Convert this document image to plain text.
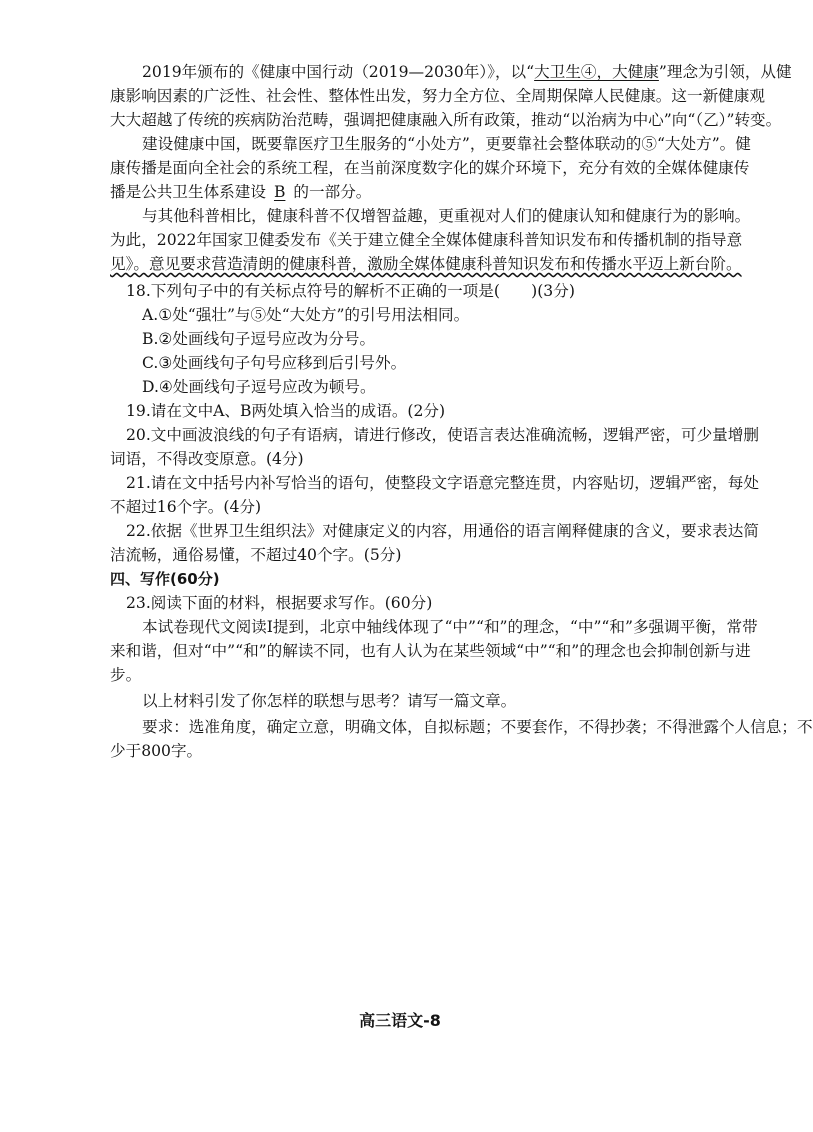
2019年颁布的《健康中国行动（2019—2030年）》，以“大卫生④，大健康”理念为引领，从健
康影响因素的广泛性、社会性、整体性出发，努力全方位、全周期保障人民健康。这一新健康观
大大超越了传统的疾病防治范畴，强调把健康融入所有政策，推动“以治病为中心”向“（乙）”转变。
建设健康中国，既要靠医疗卫生服务的“小处方”，更要靠社会整体联动的⑤“大处方”。健
康传播是面向全社会的系统工程，在当前深度数字化的媒介环境下，充分有效的全媒体健康传
播是公共卫生体系建设 B 的一部分。
与其他科普相比，健康科普不仅增智益趣，更重视对人们的健康认知和健康行为的影响。
为此，2022年国家卫健委发布《关于建立健全全媒体健康科普知识发布和传播机制的指导意
见》。意见要求营造清朗的健康科普，激励全媒体健康科普知识发布和传播水平迈上新台阶。
18.下列句子中的有关标点符号的解析不正确的一项是(　　)(3分)
A.①处“强壮”与⑤处“大处方”的引号用法相同。
B.②处画线句子逗号应改为分号。
C.③处画线句子句号应移到后引号外。
D.④处画线句子逗号应改为顿号。
19.请在文中A、B两处填入恰当的成语。(2分)
20.文中画波浪线的句子有语病，请进行修改，使语言表达准确流畅，逻辑严密，可少量增删
词语，不得改变原意。(4分)
21.请在文中括号内补写恰当的语句，使整段文字语意完整连贯，内容贴切，逻辑严密，每处
不超过16个字。(4分)
22.依据《世界卫生组织法》对健康定义的内容，用通俗的语言阐释健康的含义，要求表达简
洁流畅，通俗易懂，不超过40个字。(5分)
四、写作(60分)
23.阅读下面的材料，根据要求写作。(60分)
本试卷现代文阅读Ⅰ提到，北京中轴线体现了“中”“和”的理念，“中”“和”多强调平衡，常带
来和谐，但对“中”“和”的解读不同，也有人认为在某些领域“中”“和”的理念也会抑制创新与进
步。
以上材料引发了你怎样的联想与思考？请写一篇文章。
要求：选准角度，确定立意，明确文体，自拟标题；不要套作，不得抄袭；不得泄露个人信息；不
少于800字。
高三语文-8
